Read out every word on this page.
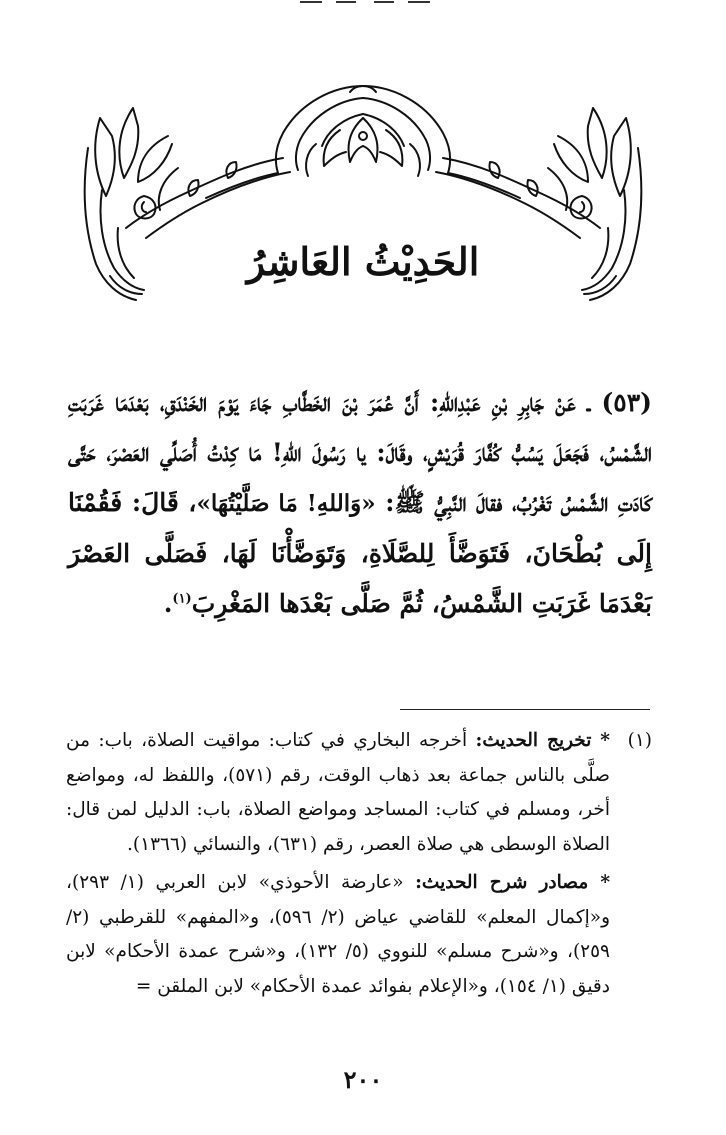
الحَدِيْثُ العَاشِرُ

(٥٣) ـ عَنْ جَابِرِ بْنِ عَبْدِاللهِ: أَنَّ عُمَرَ بْنَ الخَطَّابِ جَاءَ يَوْمَ الخَنْدَقِ، بَعْدَمَا غَرَبَتِ الشَّمْسُ، فَجَعَلَ يَسُبُّ كُفَّارَ قُرَيْشٍ، وقَالَ: يا رَسُولَ اللهِ! مَا كِدْتُ أُصَلِّي العَصْرَ، حَتَّى كَادَتِ الشَّمْسُ تَغْرُبُ، فقالَ النَّبِيُّ ﷺ: «وَاللهِ! مَا صَلَّيْتُهَا»، قَالَ: فَقُمْنَا إِلَى بُطْحَانَ، فَتَوَضَّأَ لِلصَّلَاةِ، وَتَوَضَّأْنَا لَهَا، فَصَلَّى العَصْرَ بَعْدَمَا غَرَبَتِ الشَّمْسُ، ثُمَّ صَلَّى بَعْدَها المَغْرِبَ$^{(١)}$.

(١)

* تخريج الحديث: أخرجه البخاري في كتاب: مواقيت الصلاة، باب: من صلَّى بالناس جماعة بعد ذهاب الوقت، رقم (٥٧١)، واللفظ له، ومواضع أخر، ومسلم في كتاب: المساجد ومواضع الصلاة، باب: الدليل لمن قال: الصلاة الوسطى هي صلاة العصر، رقم (٦٣١)، والنسائي (١٣٦٦).

* مصادر شرح الحديث: «عارضة الأحوذي» لابن العربي (١/ ٢٩٣)، و«إكمال المعلم» للقاضي عياض (٢/ ٥٩٦)، و«المفهم» للقرطبي (٢/ ٢٥٩)، و«شرح مسلم» للنووي (٥/ ١٣٢)، و«شرح عمدة الأحكام» لابن دقيق (١/ ١٥٤)، و«الإعلام بفوائد عمدة الأحكام» لابن الملقن =

٢٠٠
